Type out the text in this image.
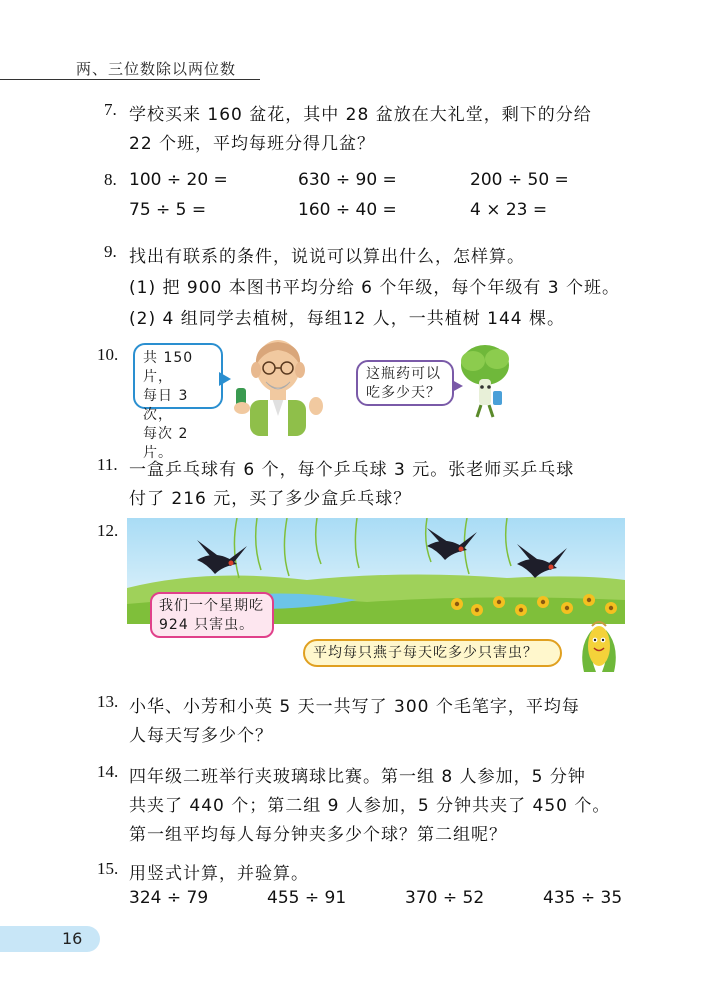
两、三位数除以两位数
7. 学校买来 160 盆花，其中 28 盆放在大礼堂，剩下的分给
22 个班，平均每班分得几盆？
8. 100 ÷ 20 =	630 ÷ 90 =	200 ÷ 50 =
75 ÷ 5 =	160 ÷ 40 =	4 × 23 =
9. 找出有联系的条件，说说可以算出什么，怎样算。
(1) 把 900 本图书平均分给 6 个年级，每个年级有 3 个班。
(2) 4 组同学去植树，每组12 人，一共植树 144 棵。
10. 共 150 片，
每日 3 次，
每次 2 片。
这瓶药可以
吃多少天？
11. 一盒乒乓球有 6 个，每个乒乓球 3 元。张老师买乒乓球
付了 216 元，买了多少盒乒乓球？
12.
我们一个星期吃
924 只害虫。
平均每只燕子每天吃多少只害虫？
13. 小华、小芳和小英 5 天一共写了 300 个毛笔字，平均每
人每天写多少个？
14. 四年级二班举行夹玻璃球比赛。第一组 8 人参加，5 分钟
共夹了 440 个；第二组 9 人参加，5 分钟共夹了 450 个。
第一组平均每人每分钟夹多少个球？第二组呢？
15. 用竖式计算，并验算。
324 ÷ 79	455 ÷ 91	370 ÷ 52	435 ÷ 35
16
